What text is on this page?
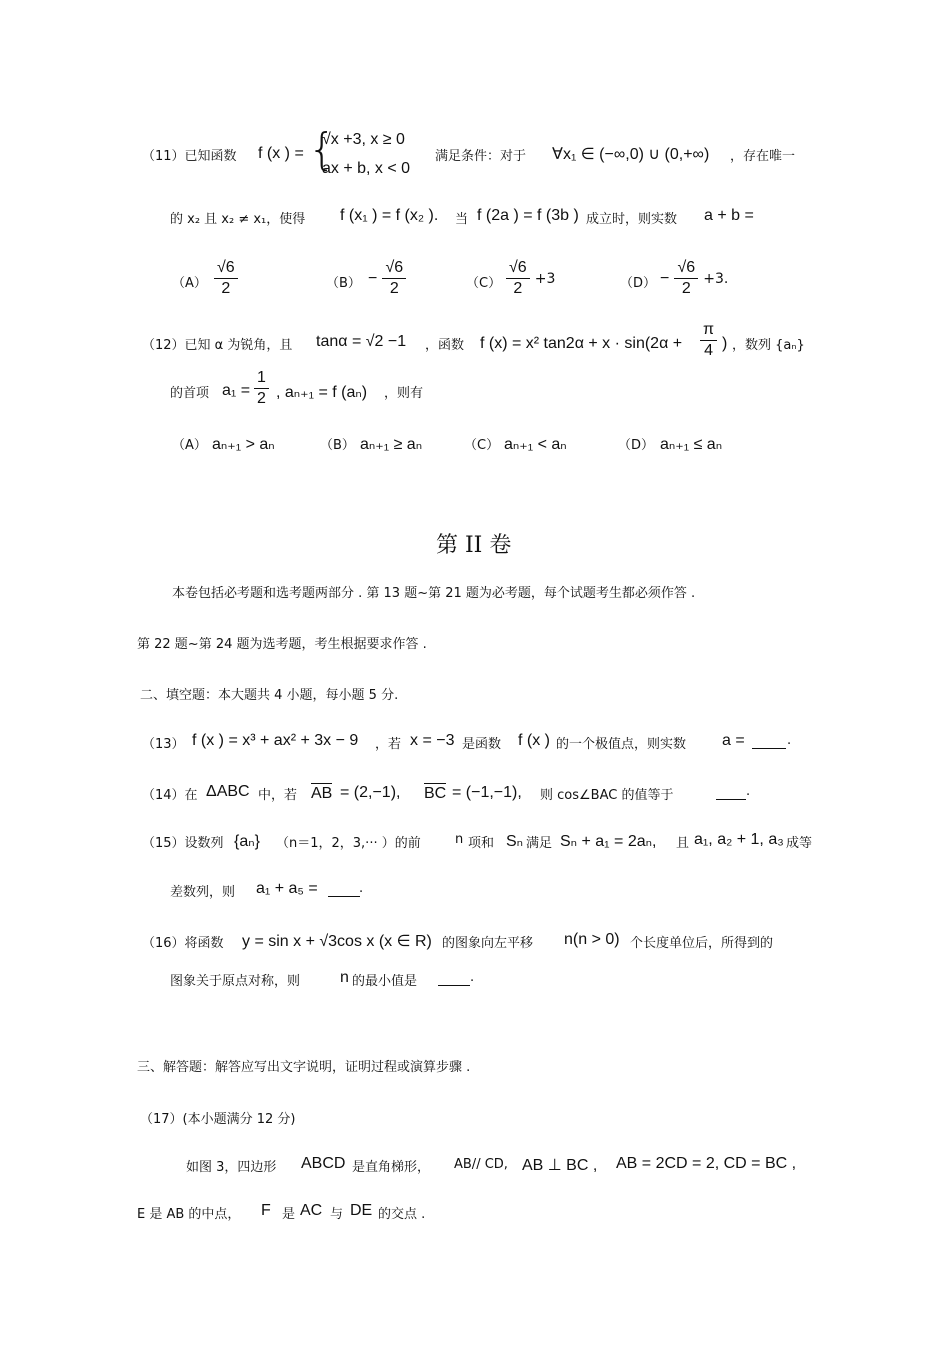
（11）已知函数 f (x ) = {
√x +3, x ≥ 0
ax + b, x < 0
满足条件：对于 ∀x₁ ∈ (−∞,0) ∪ (0,+∞) ，存在唯一
的 x₂ 且 x₂ ≠ x₁，使得 f (x₁ ) = f (x₂ ). 当 f (2a ) = f (3b ) 成立时，则实数 a + b =
$(A) \frac{√6}{2}$	$(B) - \frac{√6}{2}$	$(C) \frac{√6}{2} +3$	$(D) - \frac{√6}{2} +3$.
（12）已知 α 为锐角，且 tanα = √2 −1 ，函数 f (x) = x² $\tan 2\alpha + x \cdot \sin(2\alpha + \frac{\pi}{4}$ ) ，数列 {aₙ}
的首项 $a_1 = \frac{1}{2}$ , aₙ₊₁ = f (aₙ) ，则有
（A） aₙ₊₁ > aₙ	（B） aₙ₊₁ ≥ aₙ	（C） aₙ₊₁ < aₙ	（D） aₙ₊₁ ≤ aₙ
第 II 卷
本卷包括必考题和选考题两部分 . 第 13 题~第 21 题为必考题，每个试题考生都必须作答 .
第 22 题~第 24 题为选考题，考生根据要求作答 .
二、填空题：本大题共 4 小题，每小题 5 分.
（13） f (x ) = x³ + ax² + 3x − 9 ，若 x = −3 是函数 f (x ) 的一个极值点，则实数 a =	.
（14）在 ΔABC 中，若 AB = (2,−1), BC = (−1,−1), 则 cos∠BAC 的值等于	.
（15）设数列 {aₙ} （n＝1，2，3,··· ）的前	n 项和 Sₙ 满足 Sₙ + a₁ = 2aₙ, 且 a₁, a₂ + 1, a₃ 成等
差数列，则 a₁ + a₅ =	.
（16）将函数 y = sin x + √3cos x (x ∈ R) 的图象向左平移 n(n > 0) 个长度单位后，所得到的
图象关于原点对称，则 n 的最小值是	.
三、解答题：解答应写出文字说明，证明过程或演算步骤 .
（17）(本小题满分 12 分)
如图 3，四边形 ABCD 是直角梯形， AB// CD, AB ⊥ BC , AB = 2CD = 2, CD = BC ,
E 是 AB 的中点， F 是 AC 与 DE 的交点 .
